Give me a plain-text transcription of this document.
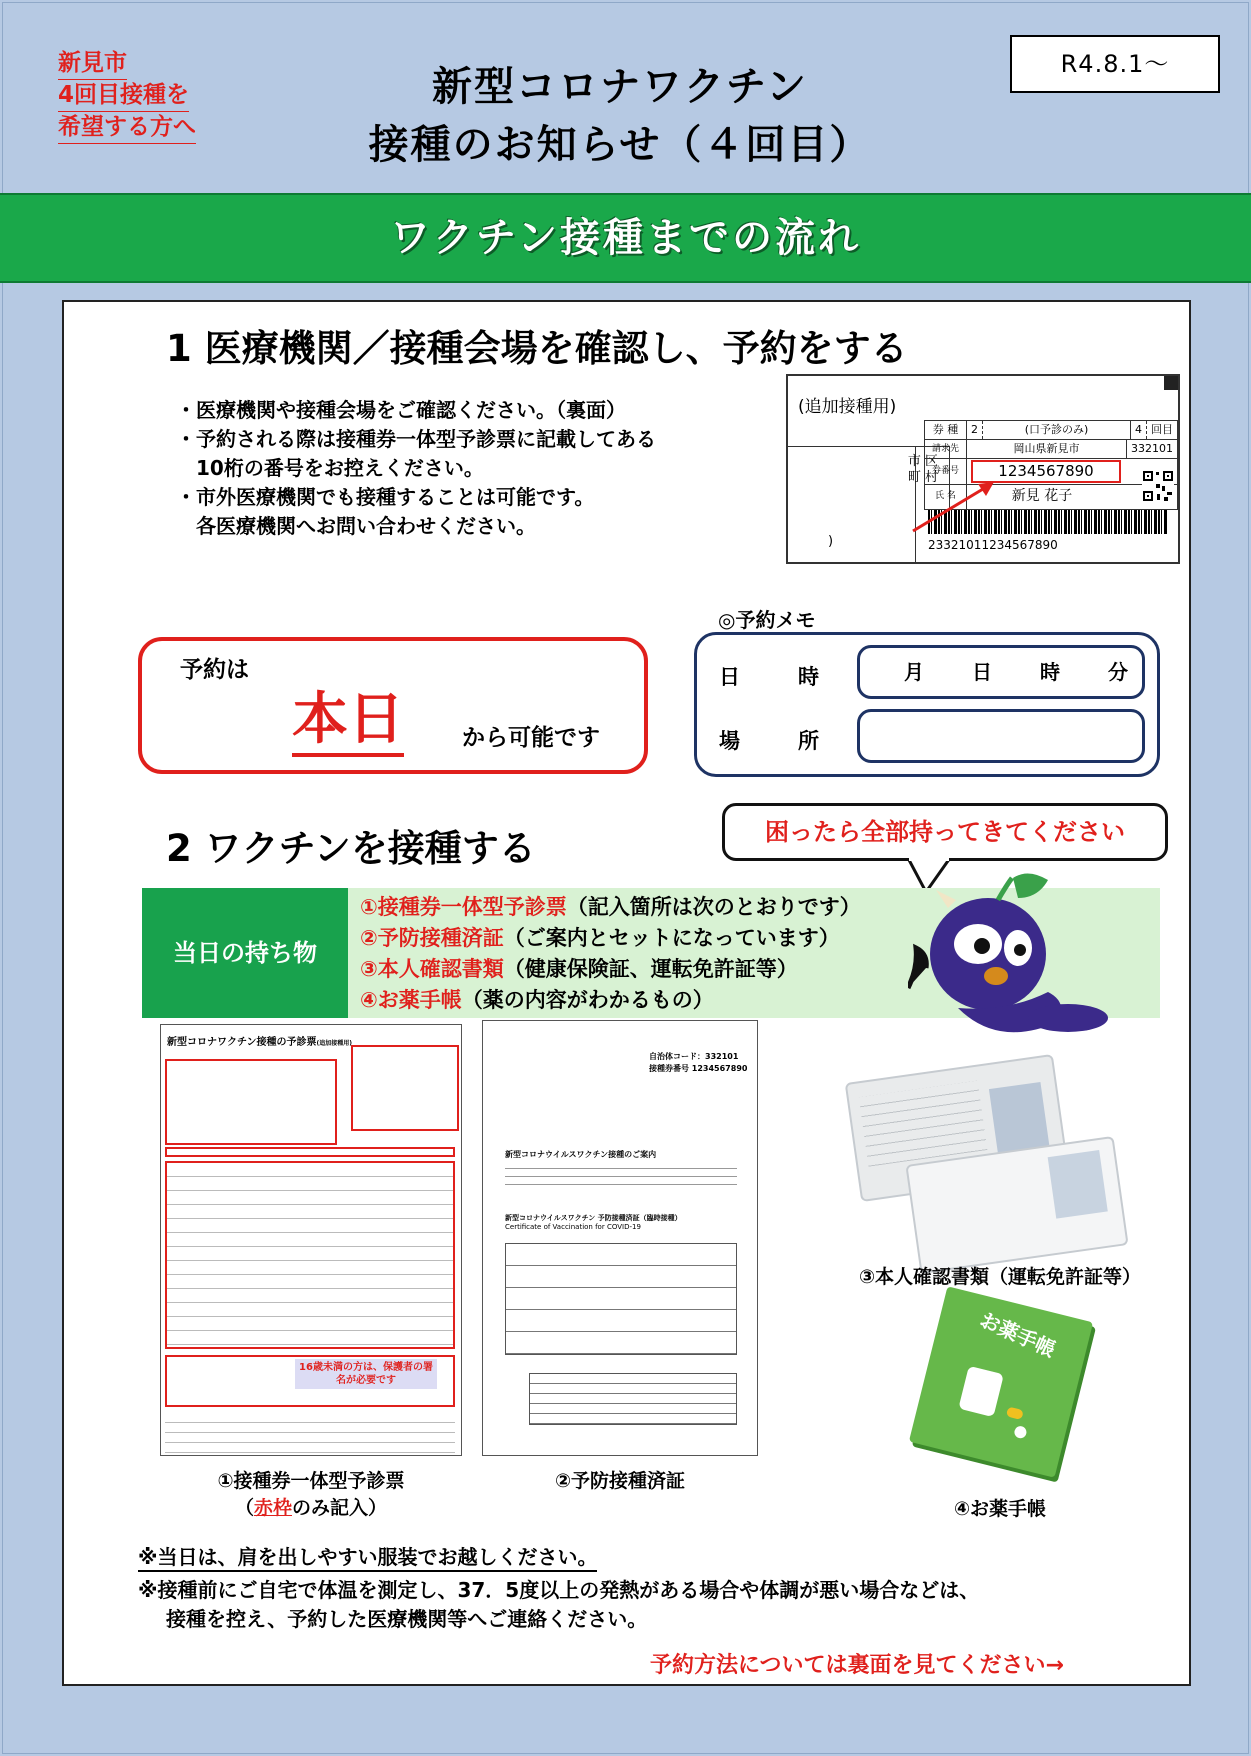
新見市
4回目接種を
希望する方へ
新型コロナワクチン
接種のお知らせ（４回目）
R4.8.1～
ワクチン接種までの流れ
1 医療機関／接種会場を確認し、予約をする
・医療機関や接種会場をご確認ください。（裏面）
・予約される際は接種券一体型予診票に記載してある
10桁の番号をお控えください。
・市外医療機関でも接種することは可能です。
各医療機関へお問い合わせください。
(追加接種用)
)
市 区
町 村
券 種	2	(口予診のみ)	4 回目
請求先	岡山県新見市	332101
券番号	1234567890
氏 名	新見 花子
23321011234567890
予約は
本日	から可能です
◎予約メモ
日	時	月 日 時 分
場	所
2 ワクチンを接種する	困ったら全部持ってきてください
当日の持ち物
①接種券一体型予診票（記入箇所は次のとおりです）
②予防接種済証（ご案内とセットになっています）
③本人確認書類（健康保険証、運転免許証等）
④お薬手帳（薬の内容がわかるもの）
新型コロナワクチン接種の予診票(追加接種用)
16歳未満の方は、保護者の署名が必要です
自治体コード：332101
接種券番号 1234567890
新型コロナウイルスワクチン接種のご案内
新型コロナウイルスワクチン 予防接種済証（臨時接種）
Certificate of Vaccination for COVID-19
お薬手帳
①接種券一体型予診票
（赤枠のみ記入）
②予防接種済証
③本人確認書類（運転免許証等）
④お薬手帳
※当日は、肩を出しやすい服装でお越しください。
※接種前にご自宅で体温を測定し、37．5度以上の発熱がある場合や体調が悪い場合などは、
接種を控え、予約した医療機関等へご連絡ください。
予約方法については裏面を見てください→
